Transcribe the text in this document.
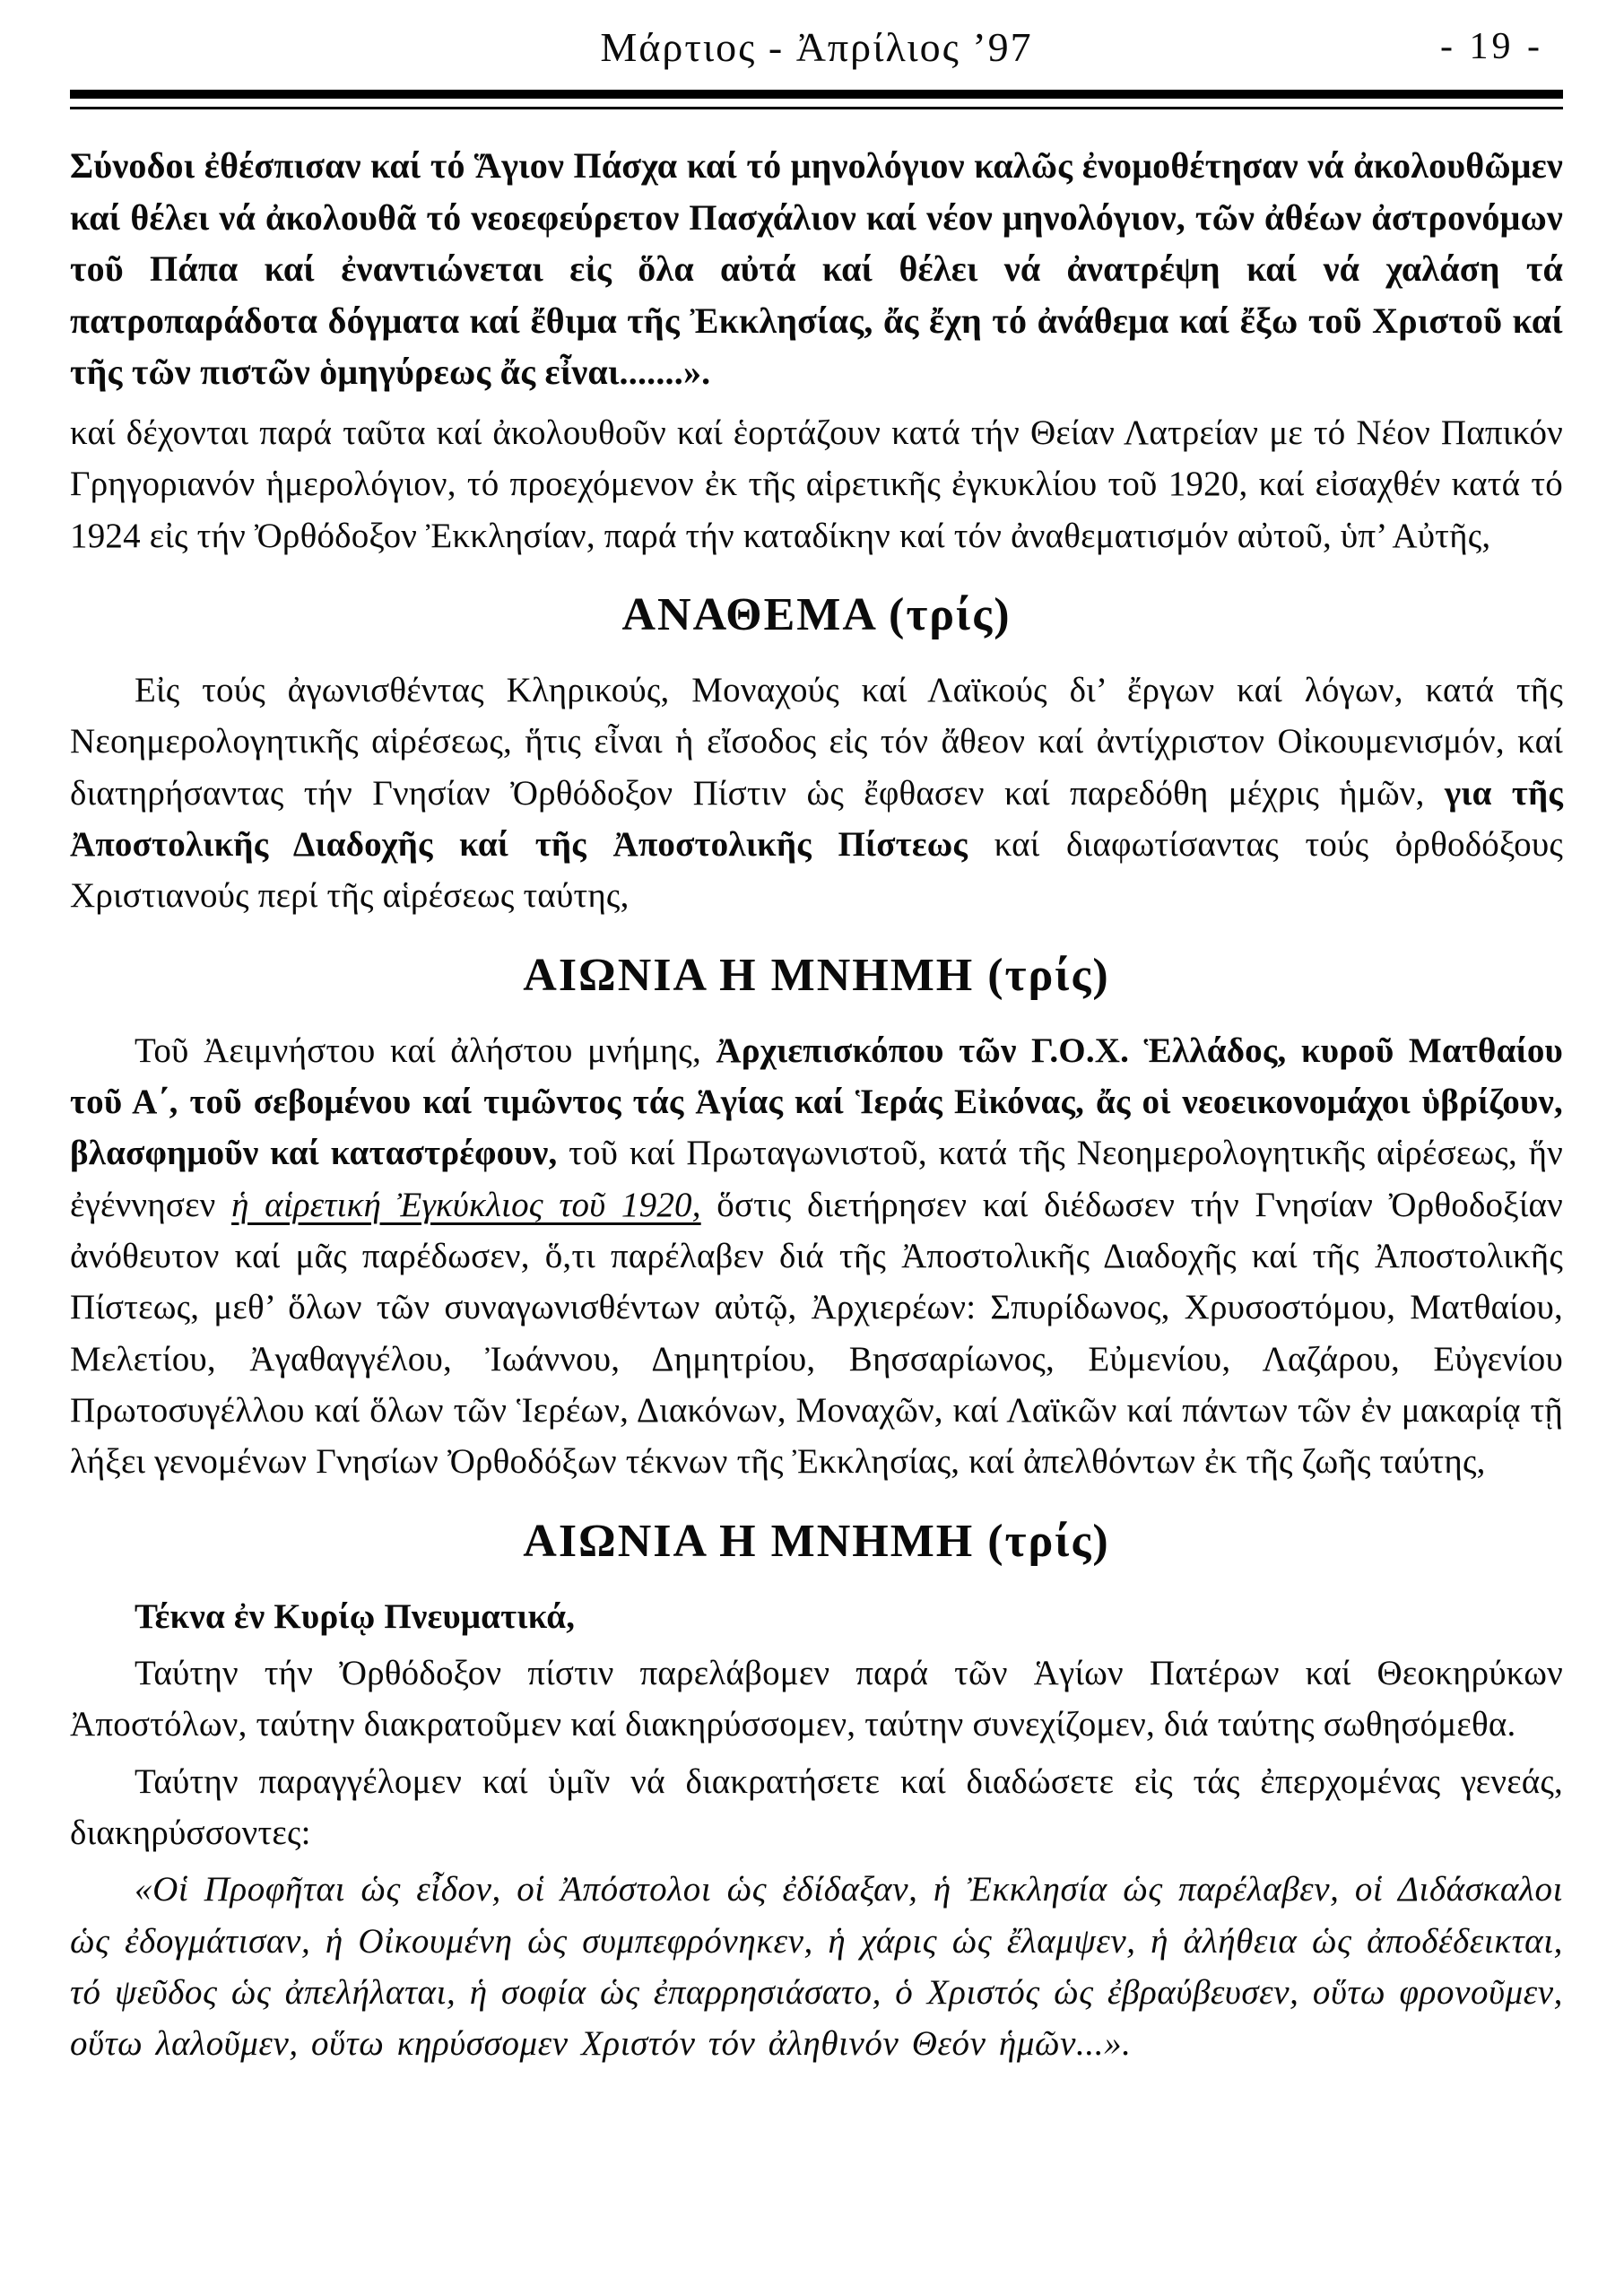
Μάρτιος - Ἀπρίλιος ’97	- 19 -

Σύνοδοι ἐθέσπισαν καί τό Ἅγιον Πάσχα καί τό μηνολόγιον καλῶς ἐνομοθέτησαν νά ἀκολουθῶμεν καί θέλει νά ἀκολουθᾶ τό νεοεφεύρετον Πασχάλιον καί νέον μηνολόγιον, τῶν ἀθέων ἀστρονόμων τοῦ Πάπα καί ἐναντιώνεται εἰς ὅλα αὐτά καί θέλει νά ἀνατρέψη καί νά χαλάση τά πατροπαράδοτα δόγματα καί ἔθιμα τῆς Ἐκκλησίας, ἄς ἔχη τό ἀνάθεμα καί ἔξω τοῦ Χριστοῦ καί τῆς τῶν πιστῶν ὁμηγύρεως ἄς εἶναι.......».

καί δέχονται παρά ταῦτα καί ἀκολουθοῦν καί ἑορτάζουν κατά τήν Θείαν Λατρείαν με τό Νέον Παπικόν Γρηγοριανόν ἡμερολόγιον, τό προεχόμενον ἐκ τῆς αἱρετικῆς ἐγκυκλίου τοῦ 1920, καί εἰσαχθέν κατά τό 1924 εἰς τήν Ὀρθόδοξον Ἐκκλησίαν, παρά τήν καταδίκην καί τόν ἀναθεματισμόν αὐτοῦ, ὑπ’ Αὐτῆς,

ΑΝΑΘΕΜΑ (τρίς)

Εἰς τούς ἀγωνισθέντας Κληρικούς, Μοναχούς καί Λαϊκούς δι’ ἔργων καί λόγων, κατά τῆς Νεοημερολογητικῆς αἱρέσεως, ἥτις εἶναι ἡ εἴσοδος εἰς τόν ἄθεον καί ἀντίχριστον Οἰκουμενισμόν, καί διατηρήσαντας τήν Γνησίαν Ὀρθόδοξον Πίστιν ὡς ἔφθασεν καί παρεδόθη μέχρις ἡμῶν, για τῆς Ἀποστολικῆς Διαδοχῆς καί τῆς Ἀποστολικῆς Πίστεως καί διαφωτίσαντας τούς ὀρθοδόξους Χριστιανούς περί τῆς αἱρέσεως ταύτης,

ΑΙΩΝΙΑ Η ΜΝΗΜΗ (τρίς)

Τοῦ Ἀειμνήστου καί ἀλήστου μνήμης, Ἀρχιεπισκόπου τῶν Γ.Ο.Χ. Ἑλλάδος, κυροῦ Ματθαίου τοῦ Α΄, τοῦ σεβομένου καί τιμῶντος τάς Ἁγίας καί Ἱεράς Εἰκόνας, ἄς οἱ νεοεικονομάχοι ὑβρίζουν, βλασφημοῦν καί καταστρέφουν, τοῦ καί Πρωταγωνιστοῦ, κατά τῆς Νεοημερολογητικῆς αἱρέσεως, ἥν ἐγέννησεν ἡ αἱρετική Ἐγκύκλιος τοῦ 1920, ὅστις διετήρησεν καί διέδωσεν τήν Γνησίαν Ὀρθοδοξίαν ἀνόθευτον καί μᾶς παρέδωσεν, ὅ,τι παρέλαβεν διά τῆς Ἀποστολικῆς Διαδοχῆς καί τῆς Ἀποστολικῆς Πίστεως, μεθ’ ὅλων τῶν συναγωνισθέντων αὐτῷ, Ἀρχιερέων: Σπυρίδωνος, Χρυσοστόμου, Ματθαίου, Μελετίου, Ἀγαθαγγέλου, Ἰωάννου, Δημητρίου, Βησσαρίωνος, Εὐμενίου, Λαζάρου, Εὐγενίου Πρωτοσυγέλλου καί ὅλων τῶν Ἱερέων, Διακόνων, Μοναχῶν, καί Λαϊκῶν καί πάντων τῶν ἐν μακαρίᾳ τῇ λήξει γενομένων Γνησίων Ὀρθοδόξων τέκνων τῆς Ἐκκλησίας, καί ἀπελθόντων ἐκ τῆς ζωῆς ταύτης,

ΑΙΩΝΙΑ Η ΜΝΗΜΗ (τρίς)

Τέκνα ἐν Κυρίῳ Πνευματικά,

Ταύτην τήν Ὀρθόδοξον πίστιν παρελάβομεν παρά τῶν Ἁγίων Πατέρων καί Θεοκηρύκων Ἀποστόλων, ταύτην διακρατοῦμεν καί διακηρύσσομεν, ταύτην συνεχίζομεν, διά ταύτης σωθησόμεθα.

Ταύτην παραγγέλομεν καί ὑμῖν νά διακρατήσετε καί διαδώσετε εἰς τάς ἐπερχομένας γενεάς, διακηρύσσοντες:

«Οἱ Προφῆται ὡς εἶδον, οἱ Ἀπόστολοι ὡς ἐδίδαξαν, ἡ Ἐκκλησία ὡς παρέλαβεν, οἱ Διδάσκαλοι ὡς ἐδογμάτισαν, ἡ Οἰκουμένη ὡς συμπεφρόνηκεν, ἡ χάρις ὡς ἔλαμψεν, ἡ ἀλήθεια ὡς ἀποδέδεικται, τό ψεῦδος ὡς ἀπελήλαται, ἡ σοφία ὡς ἐπαρρησιάσατο, ὁ Χριστός ὡς ἐβραύβευσεν, οὕτω φρονοῦμεν, οὕτω λαλοῦμεν, οὕτω κηρύσσομεν Χριστόν τόν ἀληθινόν Θεόν ἡμῶν...».
